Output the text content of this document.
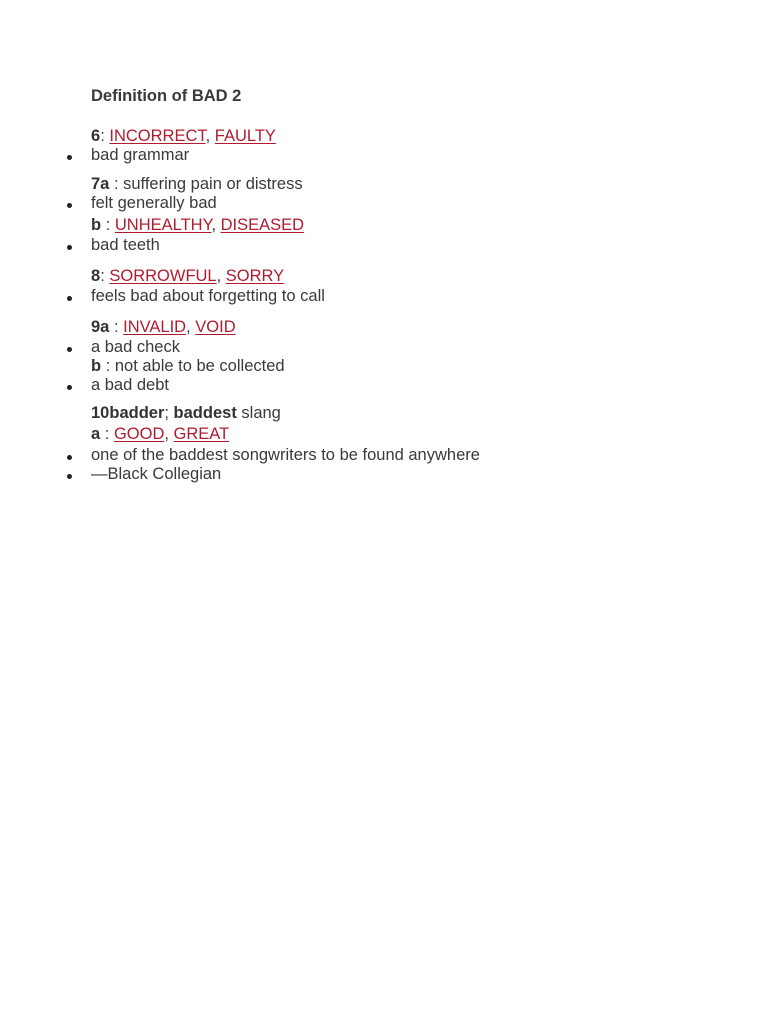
Definition of BAD 2
6: INCORRECT, FAULTY
bad grammar
7a : suffering pain or distress
felt generally bad
b : UNHEALTHY, DISEASED
bad teeth
8: SORROWFUL, SORRY
feels bad about forgetting to call
9a : INVALID, VOID
a bad check
b : not able to be collected
a bad debt
10badder; baddest slang
a : GOOD, GREAT
one of the baddest songwriters to be found anywhere
—Black Collegian
